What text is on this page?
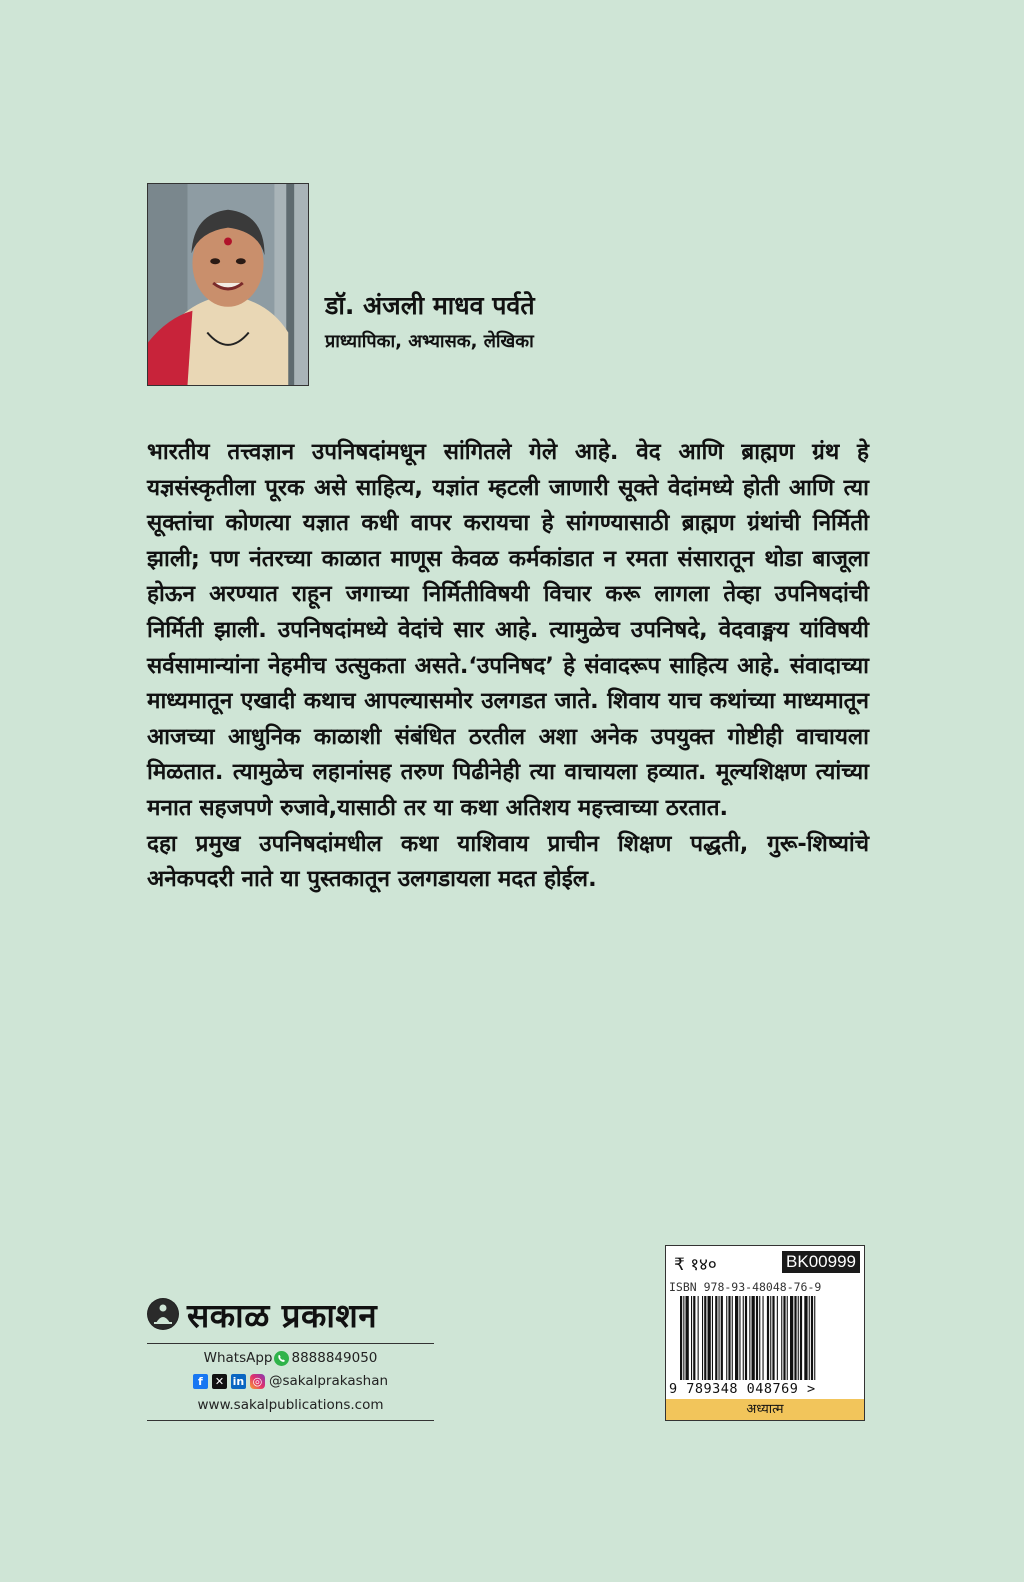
डॉ. अंजली माधव पर्वते
प्राध्यापिका, अभ्यासक, लेखिका

भारतीय तत्त्वज्ञान उपनिषदांमधून सांगितले गेले आहे. वेद आणि ब्राह्मण ग्रंथ हे यज्ञसंस्कृतीला पूरक असे साहित्य, यज्ञांत म्हटली जाणारी सूक्ते वेदांमध्ये होती आणि त्या सूक्तांचा कोणत्या यज्ञात कधी वापर करायचा हे सांगण्यासाठी ब्राह्मण ग्रंथांची निर्मिती झाली; पण नंतरच्या काळात माणूस केवळ कर्मकांडात न रमता संसारातून थोडा बाजूला होऊन अरण्यात राहून जगाच्या निर्मितीविषयी विचार करू लागला तेव्हा उपनिषदांची निर्मिती झाली. उपनिषदांमध्ये वेदांचे सार आहे. त्यामुळेच उपनिषदे, वेदवाङ्मय यांविषयी सर्वसामान्यांना नेहमीच उत्सुकता असते.‘उपनिषद’ हे संवादरूप साहित्य आहे. संवादाच्या माध्यमातून एखादी कथाच आपल्यासमोर उलगडत जाते. शिवाय याच कथांच्या माध्यमातून आजच्या आधुनिक काळाशी संबंधित ठरतील अशा अनेक उपयुक्त गोष्टीही वाचायला मिळतात. त्यामुळेच लहानांसह तरुण पिढीनेही त्या वाचायला हव्यात. मूल्यशिक्षण त्यांच्या मनात सहजपणे रुजावे,यासाठी तर या कथा अतिशय महत्त्वाच्या ठरतात.

दहा प्रमुख उपनिषदांमधील कथा याशिवाय प्राचीन शिक्षण पद्धती, गुरू-शिष्यांचे अनेकपदरी नाते या पुस्तकातून उलगडायला मदत होईल.

सकाळ प्रकाशन
WhatsApp 8888849050
f	✕ in ◎ @sakalprakashan
www.sakalpublications.com
₹ १४०	BK00999
ISBN 978-93-48048-76-9
9 789348 048769 >
अध्यात्म
